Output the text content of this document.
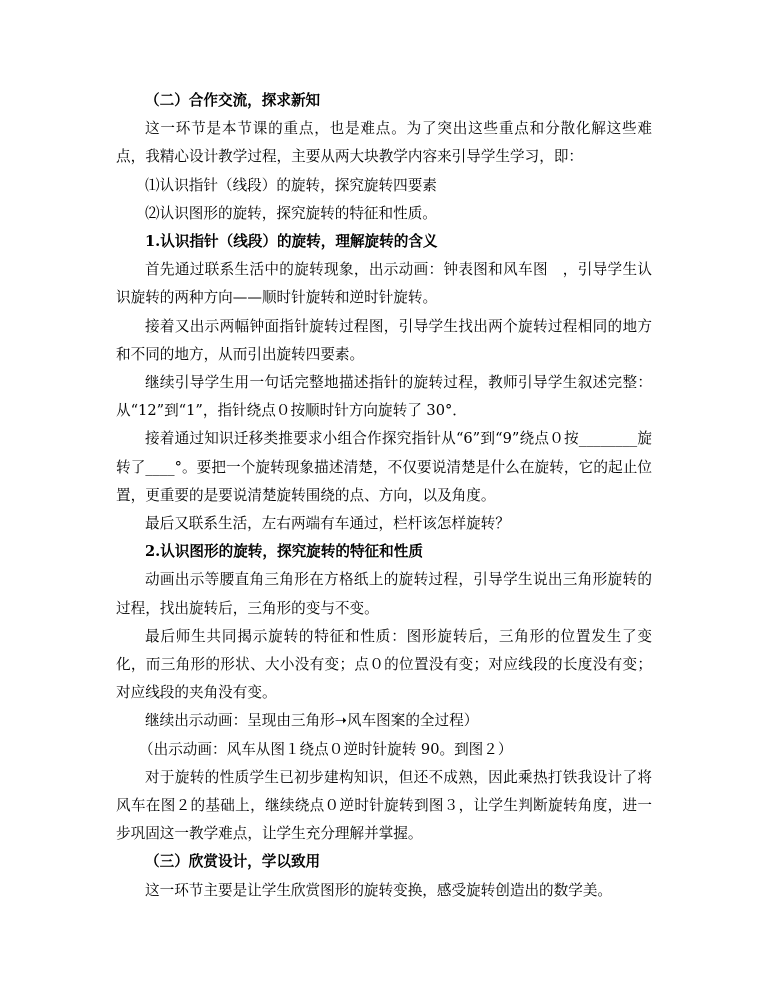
（二）合作交流，探求新知

这一环节是本节课的重点，也是难点。为了突出这些重点和分散化解这些难点，我精心设计教学过程，主要从两大块教学内容来引导学生学习，即：

⑴认识指针（线段）的旋转，探究旋转四要素

⑵认识图形的旋转，探究旋转的特征和性质。

1.认识指针（线段）的旋转，理解旋转的含义

首先通过联系生活中的旋转现象，出示动画：钟表图和风车图　，引导学生认识旋转的两种方向——顺时针旋转和逆时针旋转。

接着又出示两幅钟面指针旋转过程图，引导学生找出两个旋转过程相同的地方和不同的地方，从而引出旋转四要素。

继续引导学生用一句话完整地描述指针的旋转过程，教师引导学生叙述完整：从“12”到“1”，指针绕点０按顺时针方向旋转了 30°．

接着通过知识迁移类推要求小组合作探究指针从“6”到“9”绕点０按________旋转了____°。要把一个旋转现象描述清楚，不仅要说清楚是什么在旋转，它的起止位置，更重要的是要说清楚旋转围绕的点、方向，以及角度。

最后又联系生活，左右两端有车通过，栏杆该怎样旋转？

2.认识图形的旋转，探究旋转的特征和性质

动画出示等腰直角三角形在方格纸上的旋转过程，引导学生说出三角形旋转的过程，找出旋转后，三角形的变与不变。

最后师生共同揭示旋转的特征和性质：图形旋转后，三角形的位置发生了变化，而三角形的形状、大小没有变；点０的位置没有变；对应线段的长度没有变；对应线段的夹角没有变。

继续出示动画：呈现由三角形➝风车图案的全过程）

（出示动画：风车从图１绕点０逆时针旋转 90。到图２）

对于旋转的性质学生已初步建构知识，但还不成熟，因此乘热打铁我设计了将风车在图２的基础上，继续绕点０逆时针旋转到图３，让学生判断旋转角度，进一步巩固这一教学难点，让学生充分理解并掌握。

（三）欣赏设计，学以致用

这一环节主要是让学生欣赏图形的旋转变换，感受旋转创造出的数学美。
